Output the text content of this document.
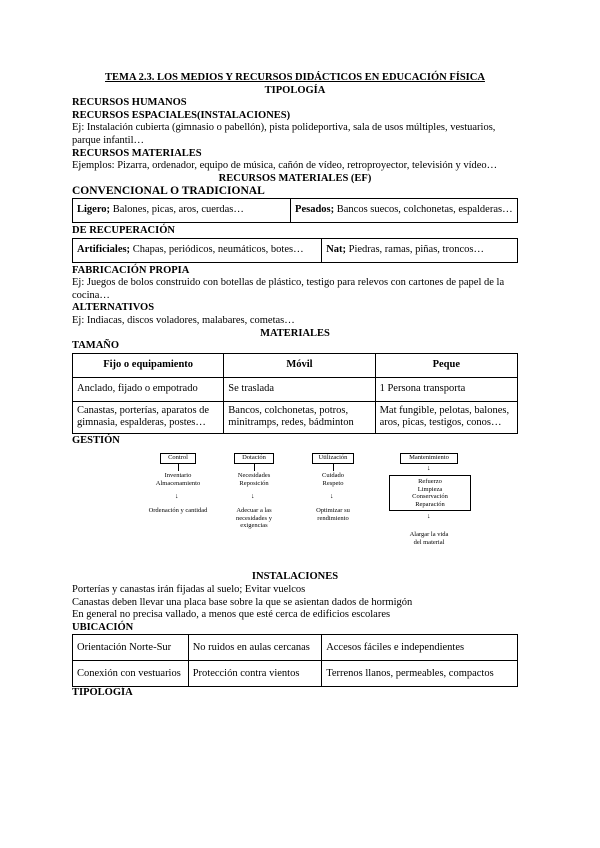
TEMA 2.3. LOS MEDIOS Y RECURSOS DIDÁCTICOS EN EDUCACIÓN FÍSICA
TIPOLOGÍA
RECURSOS HUMANOS
RECURSOS ESPACIALES(INSTALACIONES)
Ej: Instalación cubierta (gimnasio o pabellón), pista polideportiva, sala de usos múltiples, vestuarios, parque infantil…
RECURSOS MATERIALES
Ejemplos: Pizarra, ordenador, equipo de música, cañón de vídeo, retroproyector, televisión y vídeo…
RECURSOS MATERIALES (EF)
CONVENCIONAL O TRADICIONAL
Ligero; Balones, picas, aros, cuerdas…	Pesados; Bancos suecos, colchonetas, espalderas…
DE RECUPERACIÓN
Artificiales; Chapas, periódicos, neumáticos, botes…	Nat; Piedras, ramas, piñas, troncos…
FABRICACIÓN PROPIA
Ej: Juegos de bolos construido con botellas de plástico, testigo para relevos con cartones de papel de la cocina…
ALTERNATIVOS
Ej: Indiacas, discos voladores, malabares, cometas…
MATERIALES
TAMAÑO
Fijo o equipamiento	Móvil	Peque
Anclado, fijado o empotrado	Se traslada	1 Persona transporta
Canastas, porterías, aparatos de gimnasia, espalderas, postes…	Bancos, colchonetas, potros, minitramps, redes, bádminton	Mat fungible, pelotas, balones, aros, picas, testigos, conos…
GESTIÓN
Control
Inventario
Almacenamiento
↓
Ordenación y cantidad
Dotación
Necesidades
Reposición
↓
Adecuar a las
necesidades y
exigencias
Utilización
Cuidado
Respeto
↓
Optimizar su
rendimiento
Mantenimiento
↓
Refuerzo
Limpieza
Conservación
Reparación
↓
Alargar la vida
del material
INSTALACIONES
Porterías y canastas irán fijadas al suelo; Evitar vuelcos
Canastas deben llevar una placa base sobre la que se asientan dados de hormigón
En general no precisa vallado, a menos que esté cerca de edificios escolares
UBICACIÓN
Orientación Norte-Sur	No ruidos en aulas cercanas	Accesos fáciles e independientes
Conexión con vestuarios	Protección contra vientos	Terrenos llanos, permeables, compactos
TIPOLOGÍA
